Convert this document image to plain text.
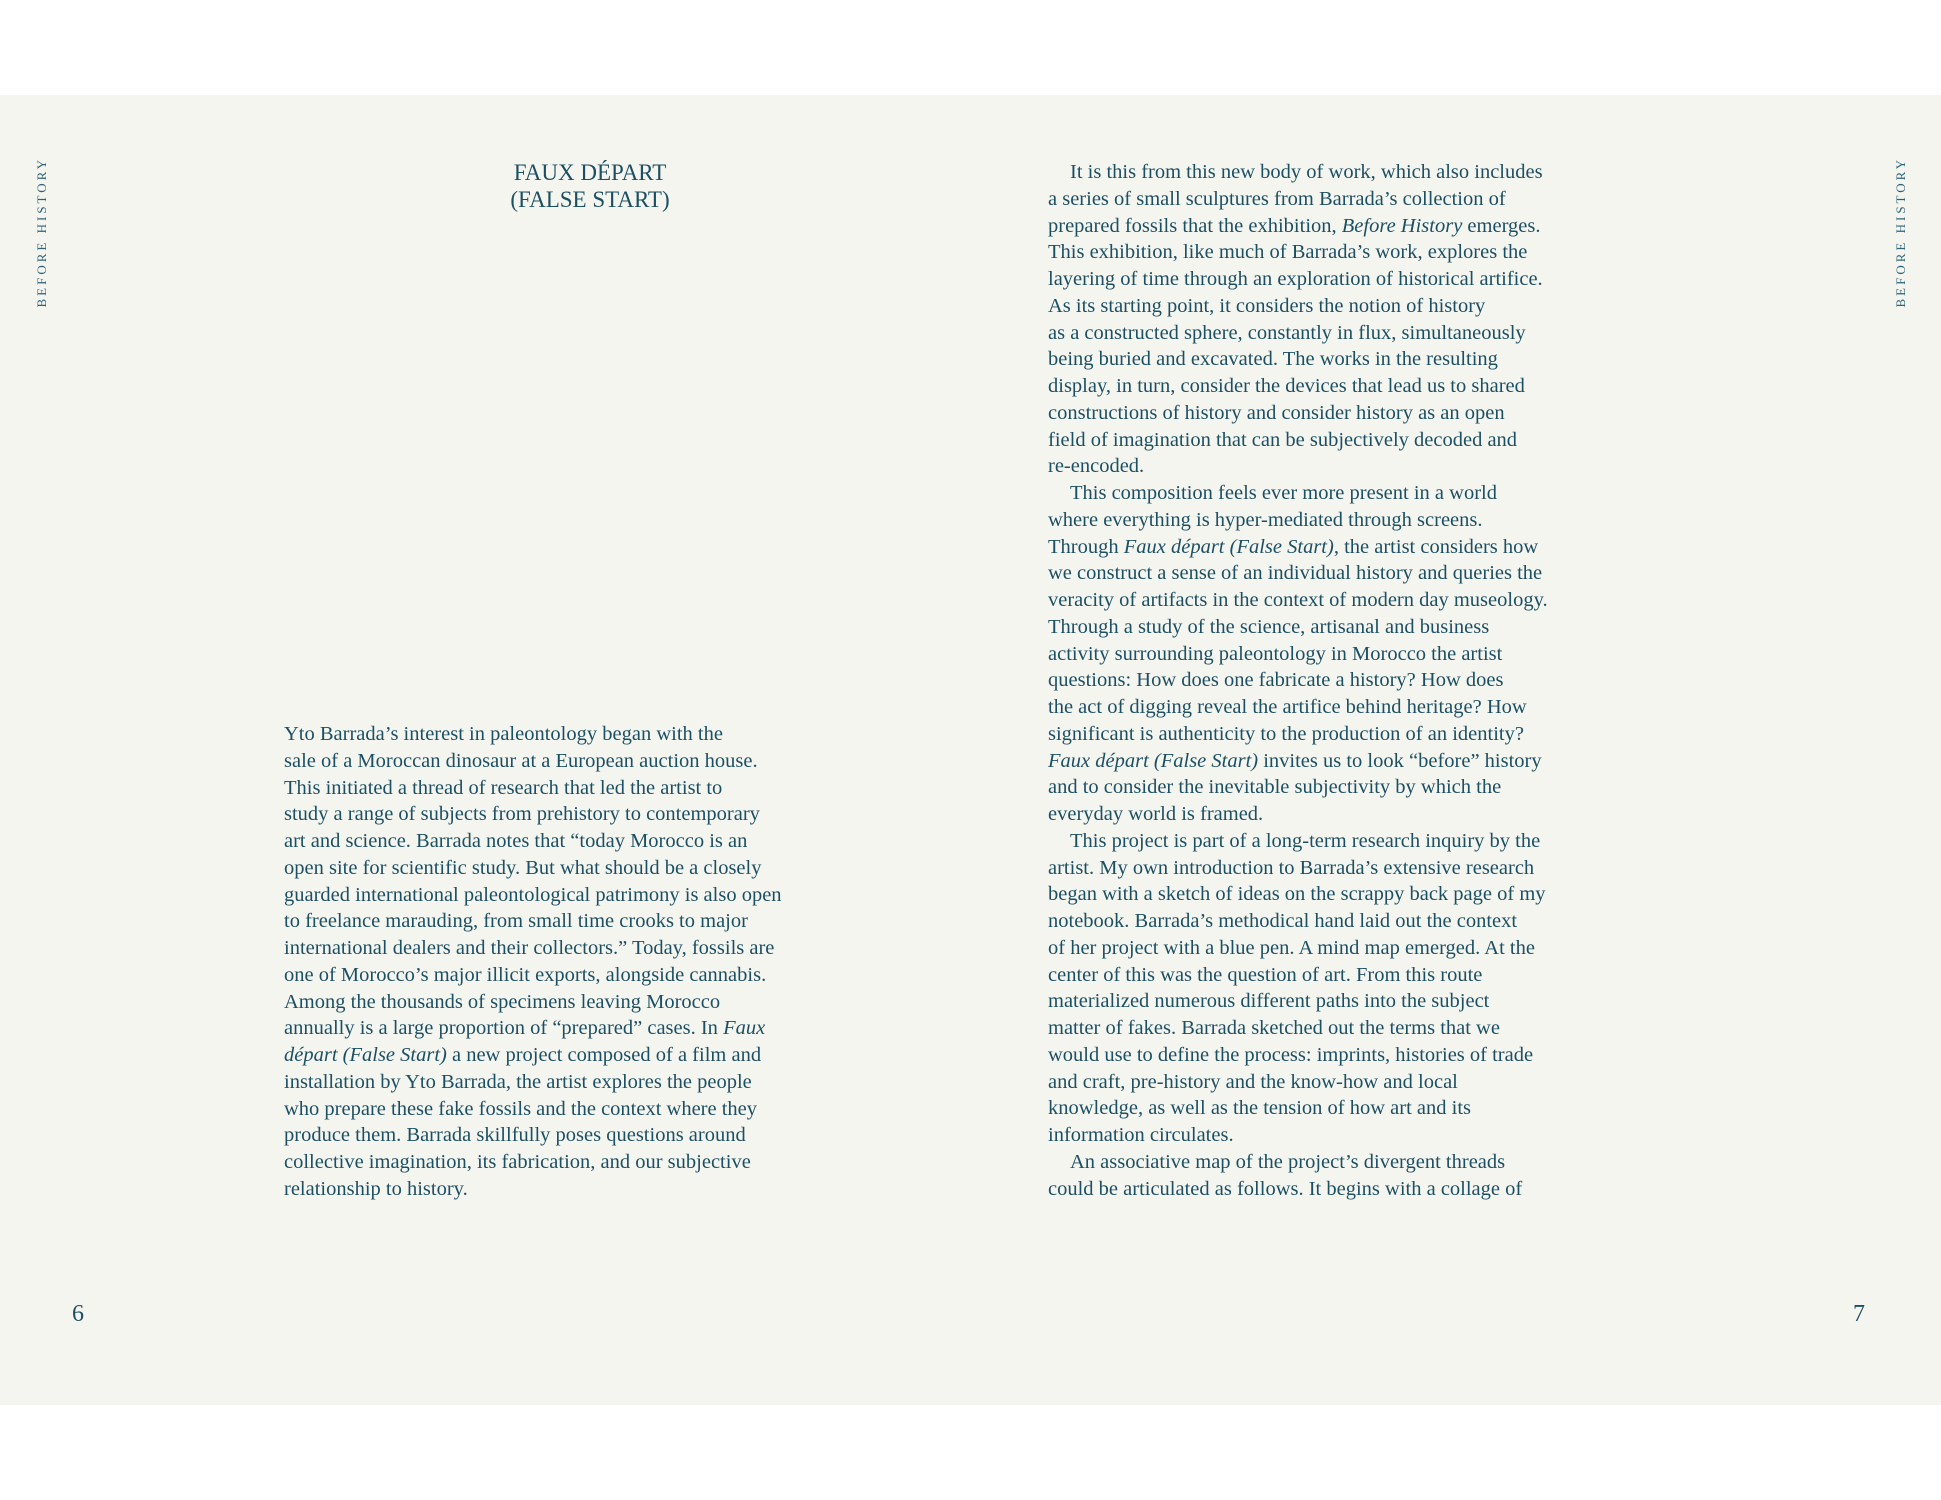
BEFORE HISTORY	BEFORE HISTORY
FAUX DÉPART
(FALSE START)
Yto Barrada’s interest in paleontology began with the
sale of a Moroccan dinosaur at a European auction house.
This initiated a thread of research that led the artist to
study a range of subjects from prehistory to contemporary
art and science. Barrada notes that “today Morocco is an
open site for scientific study. But what should be a closely
guarded international paleontological patrimony is also open
to freelance marauding, from small time crooks to major
international dealers and their collectors.” Today, fossils are
one of Morocco’s major illicit exports, alongside cannabis.
Among the thousands of specimens leaving Morocco
annually is a large proportion of “prepared” cases. In Faux
départ (False Start) a new project composed of a film and
installation by Yto Barrada, the artist explores the people
who prepare these fake fossils and the context where they
produce them. Barrada skillfully poses questions around
collective imagination, its fabrication, and our subjective
relationship to history.
It is this from this new body of work, which also includes
a series of small sculptures from Barrada’s collection of
prepared fossils that the exhibition, Before History emerges.
This exhibition, like much of Barrada’s work, explores the
layering of time through an exploration of historical artifice.
As its starting point, it considers the notion of history
as a constructed sphere, constantly in flux, simultaneously
being buried and excavated. The works in the resulting
display, in turn, consider the devices that lead us to shared
constructions of history and consider history as an open
field of imagination that can be subjectively decoded and
re-encoded.
This composition feels ever more present in a world
where everything is hyper-mediated through screens.
Through Faux départ (False Start), the artist considers how
we construct a sense of an individual history and queries the
veracity of artifacts in the context of modern day museology.
Through a study of the science, artisanal and business
activity surrounding paleontology in Morocco the artist
questions: How does one fabricate a history? How does
the act of digging reveal the artifice behind heritage? How
significant is authenticity to the production of an identity?
Faux départ (False Start) invites us to look “before” history
and to consider the inevitable subjectivity by which the
everyday world is framed.
This project is part of a long-term research inquiry by the
artist. My own introduction to Barrada’s extensive research
began with a sketch of ideas on the scrappy back page of my
notebook. Barrada’s methodical hand laid out the context
of her project with a blue pen. A mind map emerged. At the
center of this was the question of art. From this route
materialized numerous different paths into the subject
matter of fakes. Barrada sketched out the terms that we
would use to define the process: imprints, histories of trade
and craft, pre-history and the know-how and local
knowledge, as well as the tension of how art and its
information circulates.
An associative map of the project’s divergent threads
could be articulated as follows. It begins with a collage of
6	7
